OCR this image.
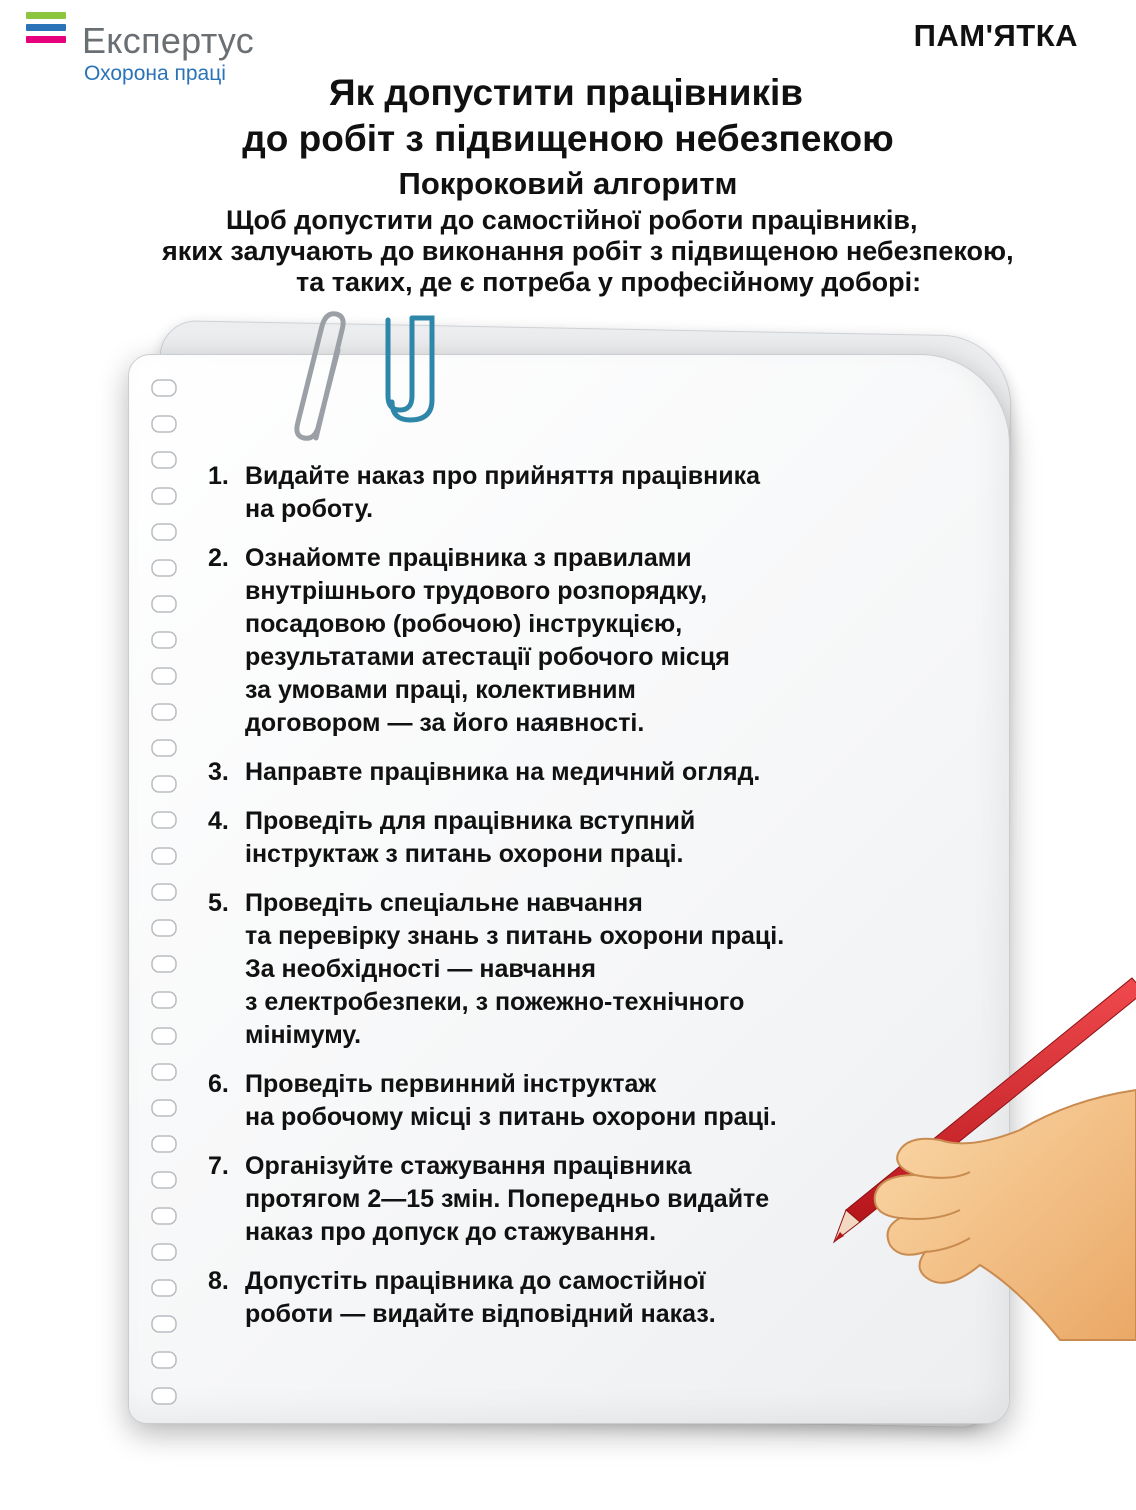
Експертус
Охорона праці
ПАМ'ЯТКА
Як допустити працівників
до робіт з підвищеною небезпекою
Покроковий алгоритм
Щоб допустити до самостійної роботи працівників,
яких залучають до виконання робіт з підвищеною небезпекою,
та таких, де є потреба у професійному доборі:
1. Видайте наказ про прийняття працівника
на роботу.
2. Ознайомте працівника з правилами
внутрішнього трудового розпорядку,
посадовою (робочою) інструкцією,
результатами атестації робочого місця
за умовами праці, колективним
договором — за його наявності.
3. Направте працівника на медичний огляд.
4. Проведіть для працівника вступний
інструктаж з питань охорони праці.
5. Проведіть спеціальне навчання
та перевірку знань з питань охорони праці.
За необхідності — навчання
з електробезпеки, з пожежно-технічного
мінімуму.
6. Проведіть первинний інструктаж
на робочому місці з питань охорони праці.
7. Організуйте стажування працівника
протягом 2—15 змін. Попередньо видайте
наказ про допуск до стажування.
8. Допустіть працівника до самостійної
роботи — видайте відповідний наказ.
